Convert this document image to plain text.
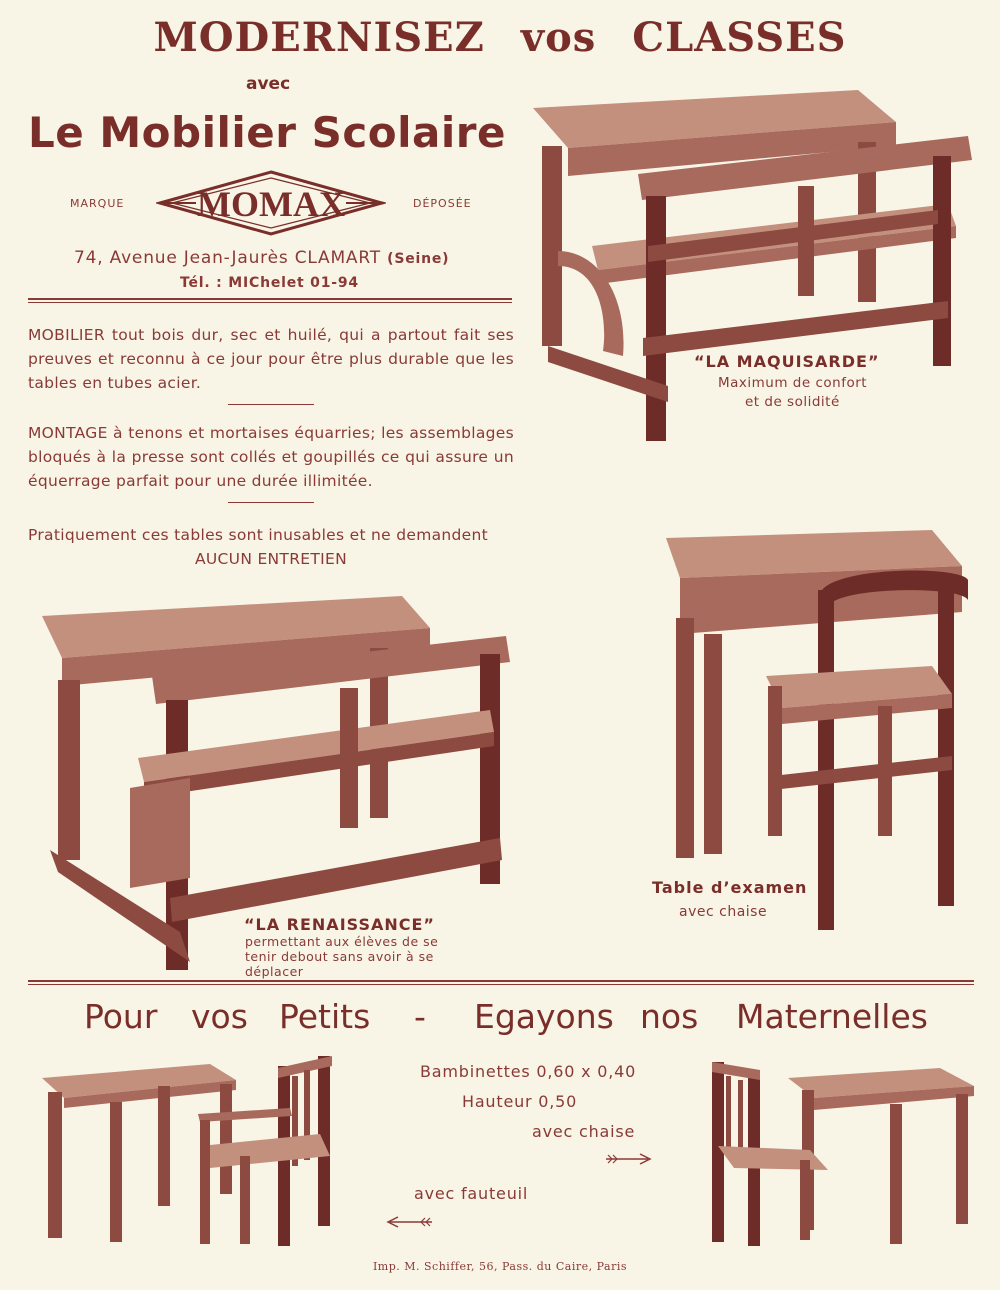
MODERNISEZ vos CLASSES
avec
Le Mobilier Scolaire
MARQUE	DÉPOSÉE
MOMAX
74, Avenue Jean-Jaurès CLAMART (Seine)
Tél. : MIChelet 01-94
MOBILIER tout bois dur, sec et huilé, qui a partout fait ses preuves et reconnu à ce jour pour être plus durable que les tables en tubes acier.
MONTAGE à tenons et mortaises équarries; les assemblages bloqués à la presse sont collés et goupillés ce qui assure un équerrage parfait pour une durée illimitée.
Pratiquement ces tables sont inusables et ne demandent
AUCUN ENTRETIEN
“LA MAQUISARDE”
Maximum de confort
et de solidité
“LA RENAISSANCE”
permettant aux élèves de se
tenir debout sans avoir à se
déplacer
Table d’examen
avec chaise
Pour vos Petits - Egayons nos Maternelles
Bambinettes 0,60 x 0,40
Hauteur 0,50
avec chaise
avec fauteuil
Imp. M. Schiffer, 56, Pass. du Caire, Paris
